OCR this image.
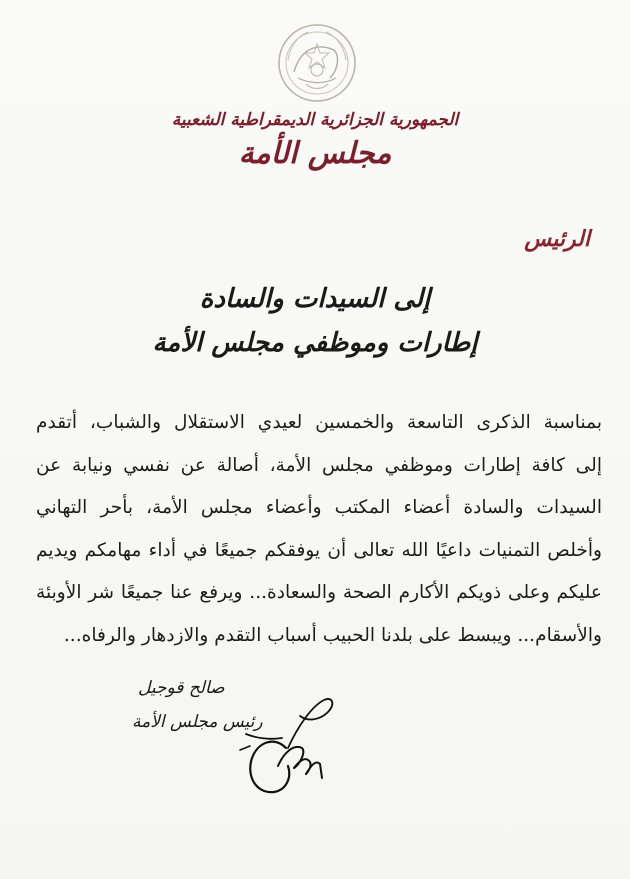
الجمهورية الجزائرية الديمقراطية الشعبية
مجلس الأمة
الرئيس
إلى السيدات والسادة
إطارات وموظفي مجلس الأمة
بمناسبة الذكرى التاسعة والخمسين لعيدي الاستقلال والشباب، أتقدم
إلى كافة إطارات وموظفي مجلس الأمة، أصالة عن نفسي ونيابة عن
السيدات والسادة أعضاء المكتب وأعضاء مجلس الأمة، بأحر التهاني
وأخلص التمنيات داعيًا الله تعالى أن يوفقكم جميعًا في أداء مهامكم ويديم
عليكم وعلى ذويكم الأكارم الصحة والسعادة... ويرفع عنا جميعًا شر الأوبئة
والأسقام... ويبسط على بلدنا الحبيب أسباب التقدم والازدهار والرفاه...
صالح قوجيل
رئيس مجلس الأمة
